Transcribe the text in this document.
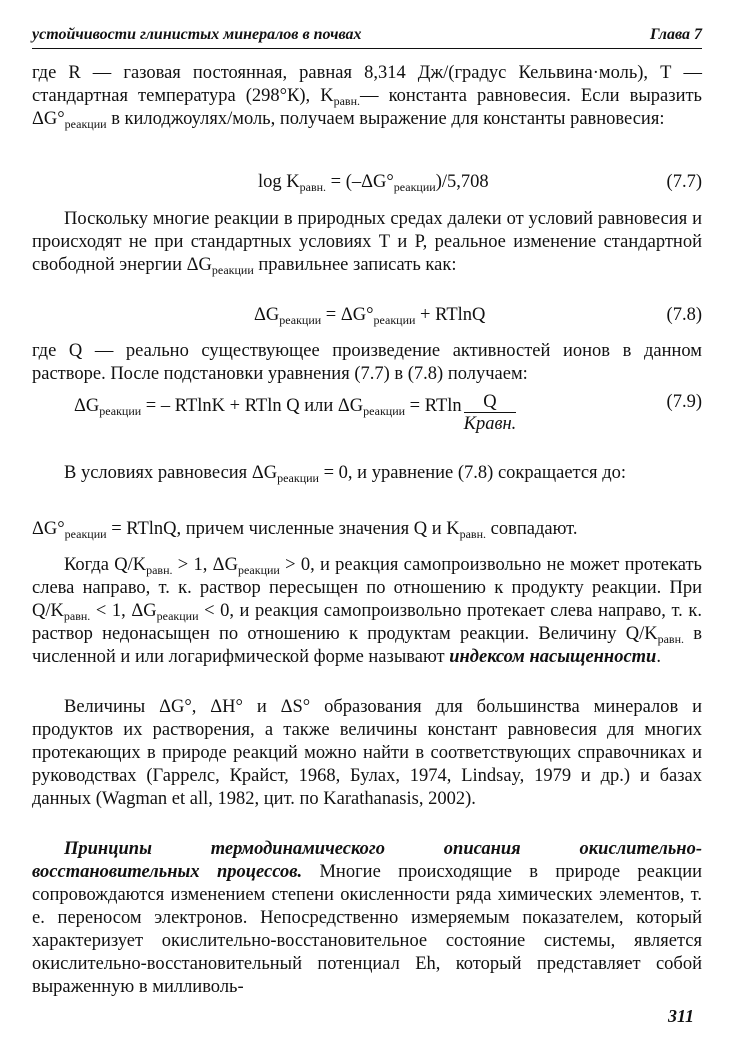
устойчивости глинистых минералов в почвах	Глава 7

где R — газовая постоянная, равная 8,314 Дж/(градус Кельвина·моль), Т — стандартная температура (298°К), $K_{равн.}—$ константа равновесия. Если выразить $\Delta G^\circ_{реакции}$ в килоджоулях/моль, получаем выражение для константы равновесия:

$\log K_{равн.} = (-\Delta G^\circ_{реакции})/5,708$	(7.7)

Поскольку многие реакции в природных средах далеки от условий равновесия и происходят не при стандартных условиях Т и Р, реальное изменение стандартной свободной энергии $\Delta G_{реакции}$ правильнее записать как:

$\Delta G_{реакции} = \Delta G^\circ_{реакции} + RTlnQ$	(7.8)

где Q — реально существующее произведение активностей ионов в данном растворе. После подстановки уравнения (7.7) в (7.8) получаем:

$\Delta G_{реакции}$ = – RTlnK + RTln Q или $\Delta G_{реакции} = RTln \frac{Q}{\text{Кравн.}}$	(7.9)

В условиях равновесия $\Delta G_{реакции} = 0$, и уравнение (7.8) сокращается до:

$\Delta G^\circ_{реакции} = RTlnQ$, причем численные значения Q и $K_{равн.}$ совпадают.

Когда $Q/K_{равн.} > 1$, $\Delta G_{реакции} > 0$, и реакция самопроизвольно не может протекать слева направо, т. к. раствор пересыщен по отношению к продукту реакции. При $Q/K_{равн.} < 1$, $\Delta G_{реакции} < 0$, и реакция самопроизвольно протекает слева направо, т. к. раствор недонасыщен по отношению к продуктам реакции. Величину $Q/K_{равн.}$ в численной и или логарифмической форме называют индексом насыщенности.

Величины ΔG°, ΔH° и ΔS° образования для большинства минералов и продуктов их растворения, а также величины констант равновесия для многих протекающих в природе реакций можно найти в соответствующих справочниках и руководствах (Гаррелс, Крайст, 1968, Булах, 1974, Lindsay, 1979 и др.) и базах данных (Wagman et all, 1982, цит. по Karathanasis, 2002).

Принципы термодинамического описания окислительно-восстановительных процессов. Многие происходящие в природе реакции сопровождаются изменением степени окисленности ряда химических элементов, т. е. переносом электронов. Непосредственно измеряемым показателем, который характеризует окислительно-восстановительное состояние системы, является окислительно-восстановительный потенциал Eh, который представляет собой выраженную в милливоль-

311
